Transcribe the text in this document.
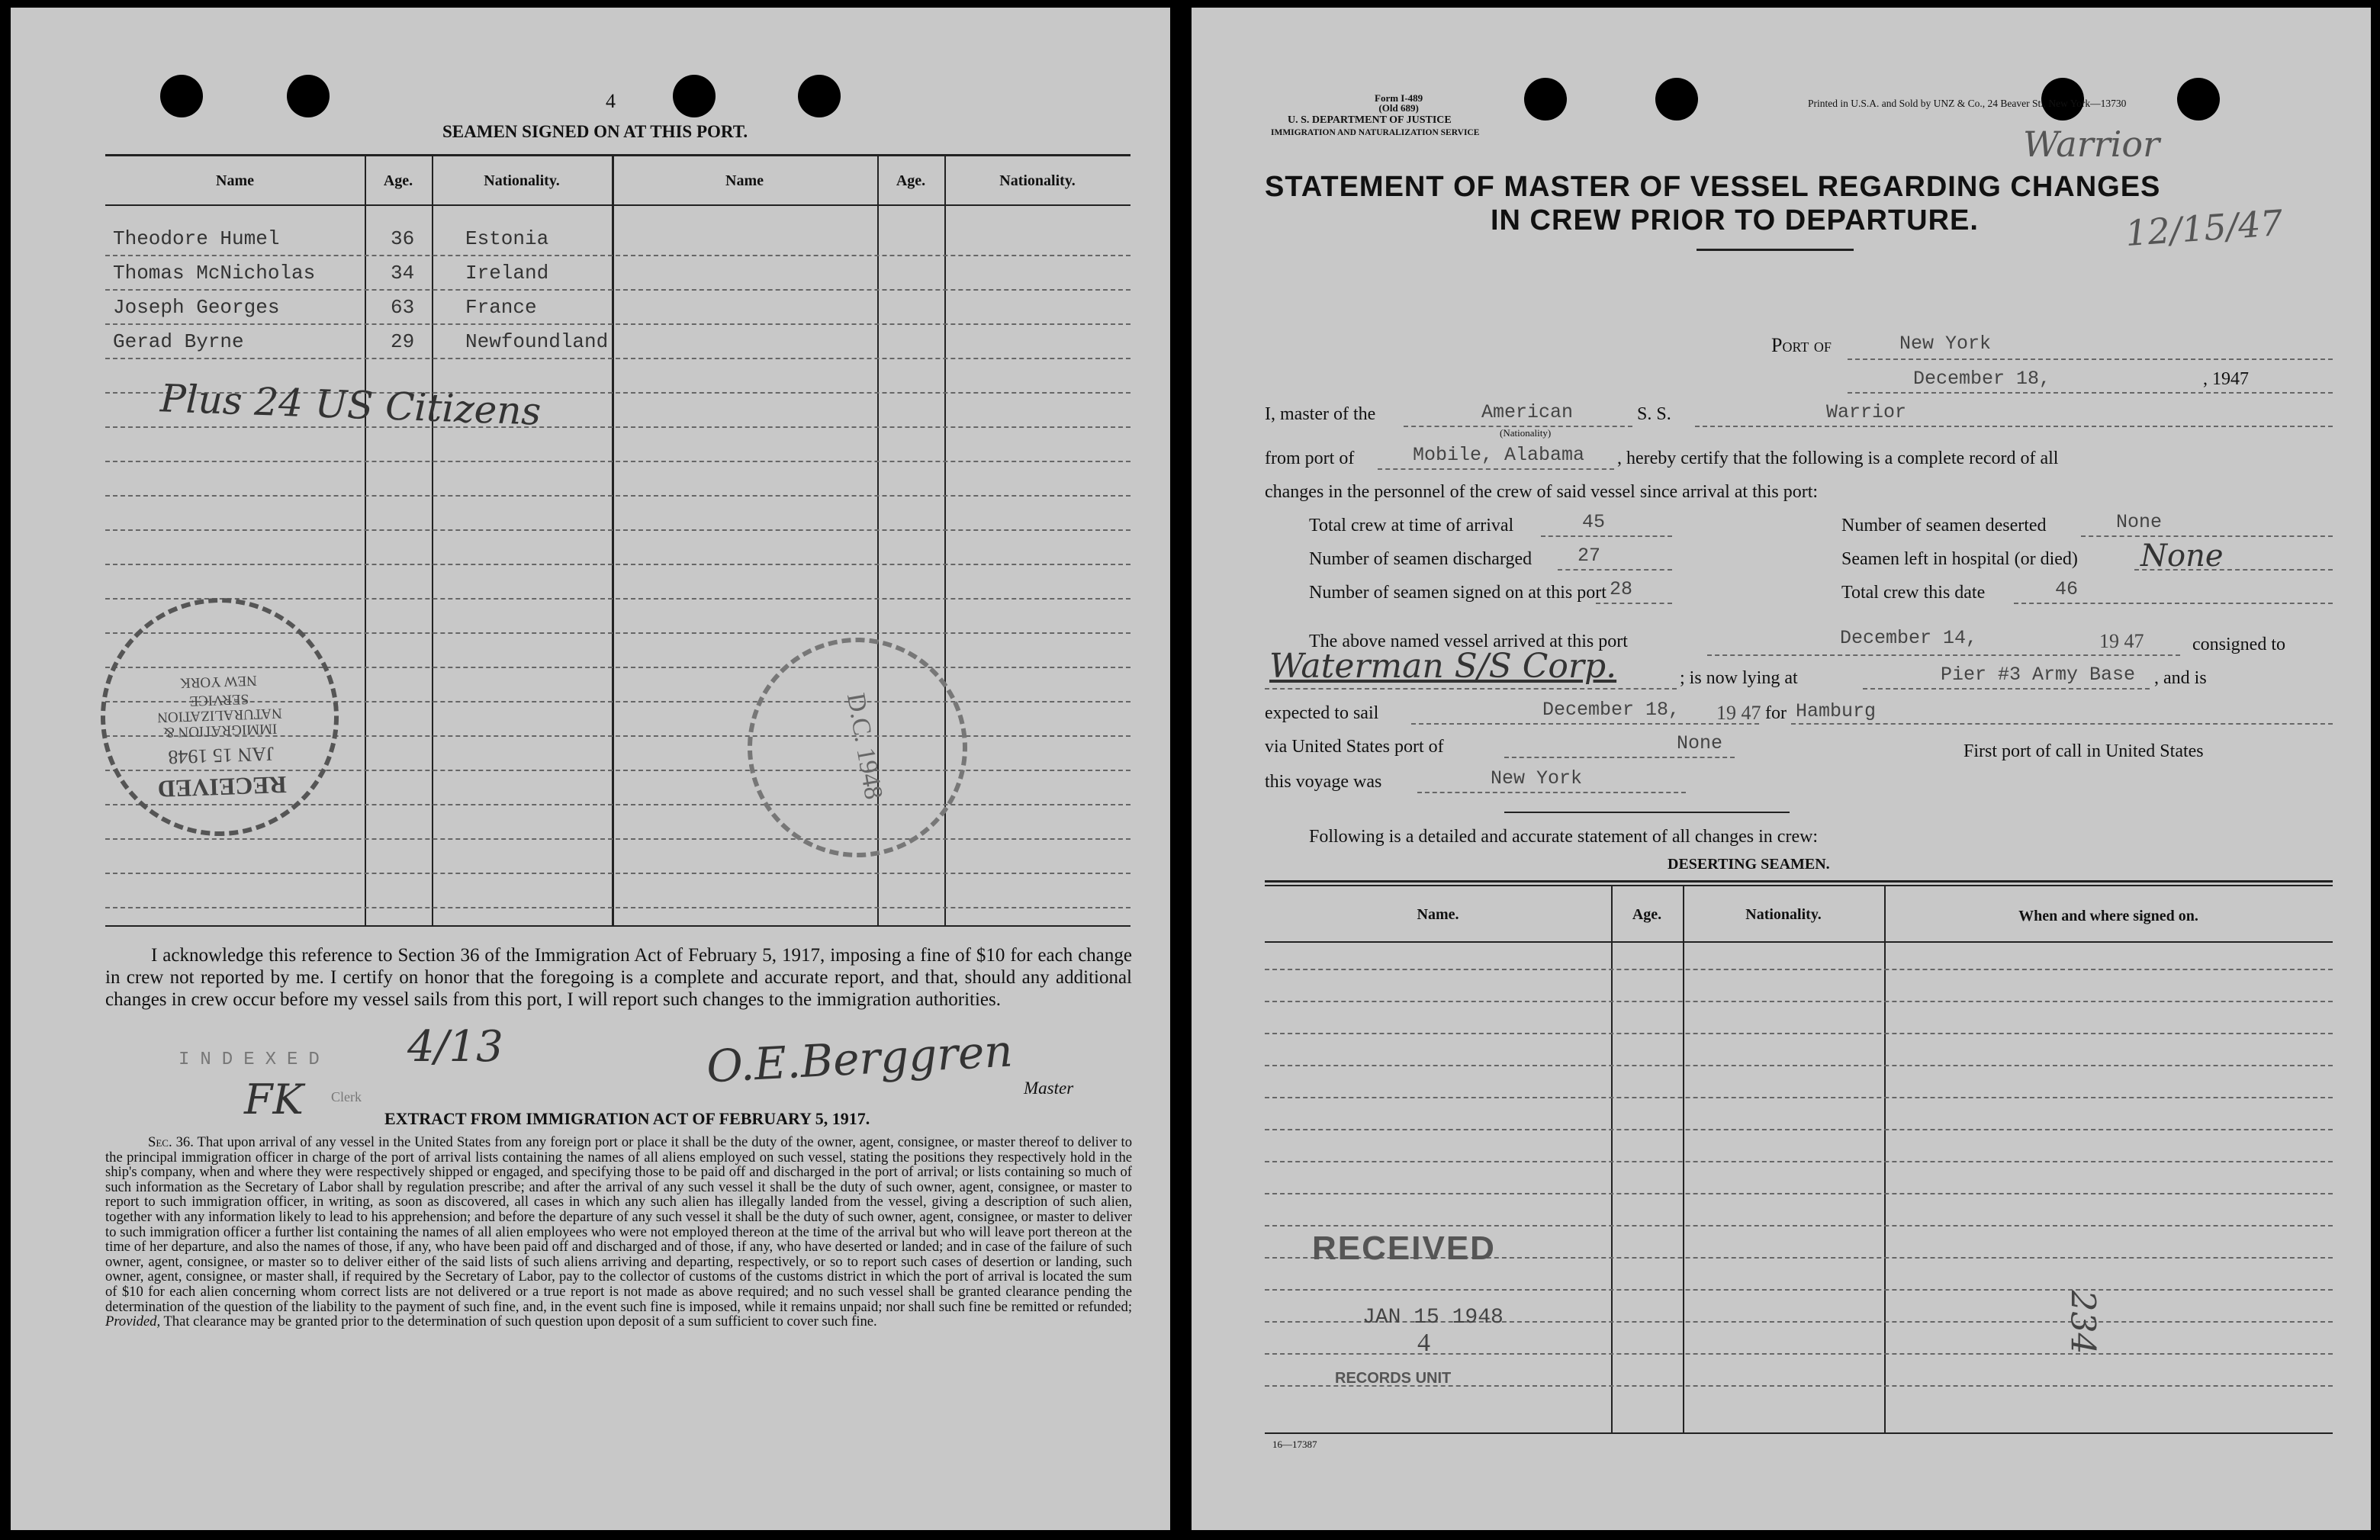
4
SEAMEN SIGNED ON AT THIS PORT.
Name	Age.	Nationality.	Name	Age.	Nationality.
Theodore Humel	36	Estonia
Thomas McNicholas	34	Ireland
Joseph Georges	63	France
Gerad Byrne	29	Newfoundland
Plus 24 US Citizens
RECEIVED
JAN 15 1948
IMMIGRATION & NATURALIZATION SERVICE
NEW YORK
D.C. 1948
I acknowledge this reference to Section 36 of the Immigration Act of February 5, 1917, imposing a fine of $10 for each change in crew not reported by me. I certify on honor that the foregoing is a complete and accurate report, and that, should any additional changes in crew occur before my vessel sails from this port, I will report such changes to the immigration authorities.
INDEXED 4/13
FK Clerk
O.E.Berggren Master
EXTRACT FROM IMMIGRATION ACT OF FEBRUARY 5, 1917.
Sec. 36. That upon arrival of any vessel in the United States from any foreign port or place it shall be the duty of the owner, agent, consignee, or master thereof to deliver to the principal immigration officer in charge of the port of arrival lists containing the names of all aliens employed on such vessel, stating the positions they respectively hold in the ship's company, when and where they were respectively shipped or engaged, and specifying those to be paid off and discharged in the port of arrival; or lists containing so much of such information as the Secretary of Labor shall by regulation prescribe; and after the arrival of any such vessel it shall be the duty of such owner, agent, consignee, or master to report to such immigration officer, in writing, as soon as discovered, all cases in which any such alien has illegally landed from the vessel, giving a description of such alien, together with any information likely to lead to his apprehension; and before the departure of any such vessel it shall be the duty of such owner, agent, consignee, or master to deliver to such immigration officer a further list containing the names of all alien employees who were not employed thereon at the time of the arrival but who will leave port thereon at the time of her departure, and also the names of those, if any, who have been paid off and discharged and of those, if any, who have deserted or landed; and in case of the failure of such owner, agent, consignee, or master so to deliver either of the said lists of such aliens arriving and departing, respectively, or so to report such cases of desertion or landing, such owner, agent, consignee, or master shall, if required by the Secretary of Labor, pay to the collector of customs of the customs district in which the port of arrival is located the sum of $10 for each alien concerning whom correct lists are not delivered or a true report is not made as above required; and no such vessel shall be granted clearance pending the determination of the question of the liability to the payment of such fine, and, in the event such fine is imposed, while it remains unpaid; nor shall such fine be remitted or refunded; Provided, That clearance may be granted prior to the determination of such question upon deposit of a sum sufficient to cover such fine.
Form I-489
(Old 689)
U. S. DEPARTMENT OF JUSTICE
IMMIGRATION AND NATURALIZATION SERVICE
Printed in U.S.A. and Sold by UNZ & Co., 24 Beaver St., New York—13730
Warrior
12/15/47
STATEMENT OF MASTER OF VESSEL REGARDING CHANGES
IN CREW PRIOR TO DEPARTURE.
Port of	New York
December 18,	, 1947
I, master of the	American
(Nationality)
S. S.	Warrior
from port of	Mobile, Alabama , hereby certify that the following is a complete record of all
changes in the personnel of the crew of said vessel since arrival at this port:
Total crew at time of arrival	45	Number of seamen deserted	None
Number of seamen discharged 27	Seamen left in hospital (or died) None
Number of seamen signed on at this port 28	Total crew this date	46
The above named vessel arrived at this port	December 14,	19 47	consigned to
Waterman S/S Corp.	; is now lying at	Pier #3 Army Base , and is
expected to sail	December 18, 19 47 for Hamburg
via United States port of	None	First port of call in United States
this voyage was	New York
Following is a detailed and accurate statement of all changes in crew:
DESERTING SEAMEN.
Name.	Age.	Nationality.	When and where signed on.
RECEIVED
JAN 15 1948
4
RECORDS UNIT
234
16—17387
